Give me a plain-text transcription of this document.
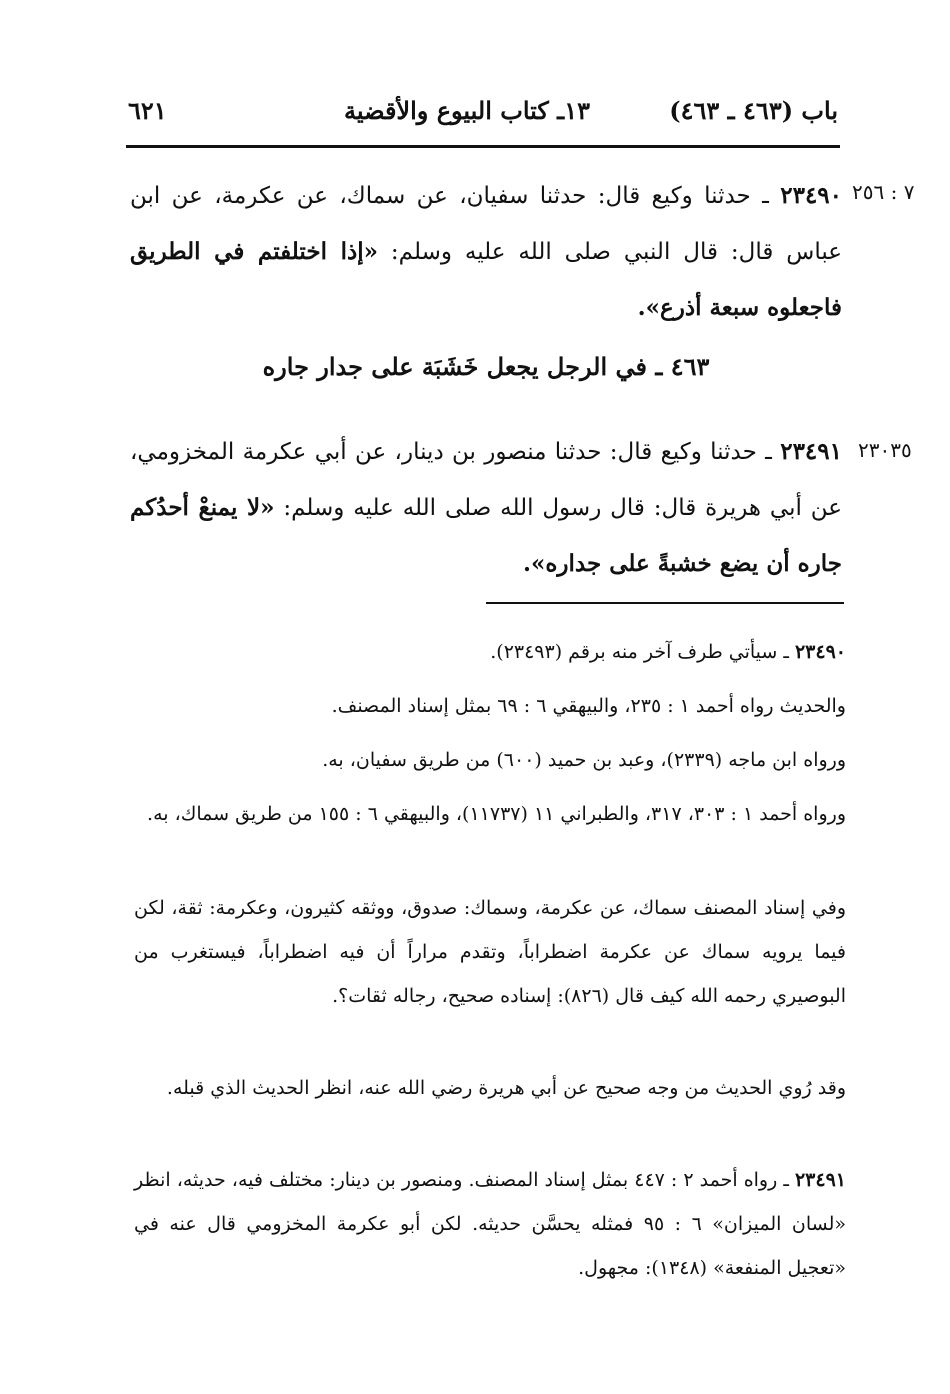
باب (٤٦٣ ـ ٤٦٣)
١٣ـ كتاب البيوع والأقضية
٦٢١
٧ : ٢٥٦
٢٣٠٣٥
٢٣٤٩٠ ـ حدثنا وكيع قال: حدثنا سفيان، عن سماك، عن عكرمة، عن ابن عباس قال: قال النبي صلى الله عليه وسلم: «إذا اختلفتم في الطريق فاجعلوه سبعة أذرع».
٤٦٣ ـ في الرجل يجعل خَشَبَة على جدار جاره
٢٣٤٩١ ـ حدثنا وكيع قال: حدثنا منصور بن دينار، عن أبي عكرمة المخزومي، عن أبي هريرة قال: قال رسول الله صلى الله عليه وسلم: «لا يمنعْ أحدُكم جاره أن يضع خشبةً على جداره».
٢٣٤٩٠ ـ سيأتي طرف آخر منه برقم (٢٣٤٩٣).
والحديث رواه أحمد ١ : ٢٣٥، والبيهقي ٦ : ٦٩ بمثل إسناد المصنف.
ورواه ابن ماجه (٢٣٣٩)، وعبد بن حميد (٦٠٠) من طريق سفيان، به.
ورواه أحمد ١ : ٣٠٣، ٣١٧، والطبراني ١١ (١١٧٣٧)، والبيهقي ٦ : ١٥٥ من طريق سماك، به.
وفي إسناد المصنف سماك، عن عكرمة، وسماك: صدوق، ووثقه كثيرون، وعكرمة: ثقة، لكن فيما يرويه سماك عن عكرمة اضطراباً، وتقدم مراراً أن فيه اضطراباً، فيستغرب من البوصيري رحمه الله كيف قال (٨٢٦): إسناده صحيح، رجاله ثقات؟.
وقد رُوي الحديث من وجه صحيح عن أبي هريرة رضي الله عنه، انظر الحديث الذي قبله.
٢٣٤٩١ ـ رواه أحمد ٢ : ٤٤٧ بمثل إسناد المصنف. ومنصور بن دينار: مختلف فيه، حديثه، انظر «لسان الميزان» ٦ : ٩٥ فمثله يحسَّن حديثه. لكن أبو عكرمة المخزومي قال عنه في «تعجيل المنفعة» (١٣٤٨): مجهول.
